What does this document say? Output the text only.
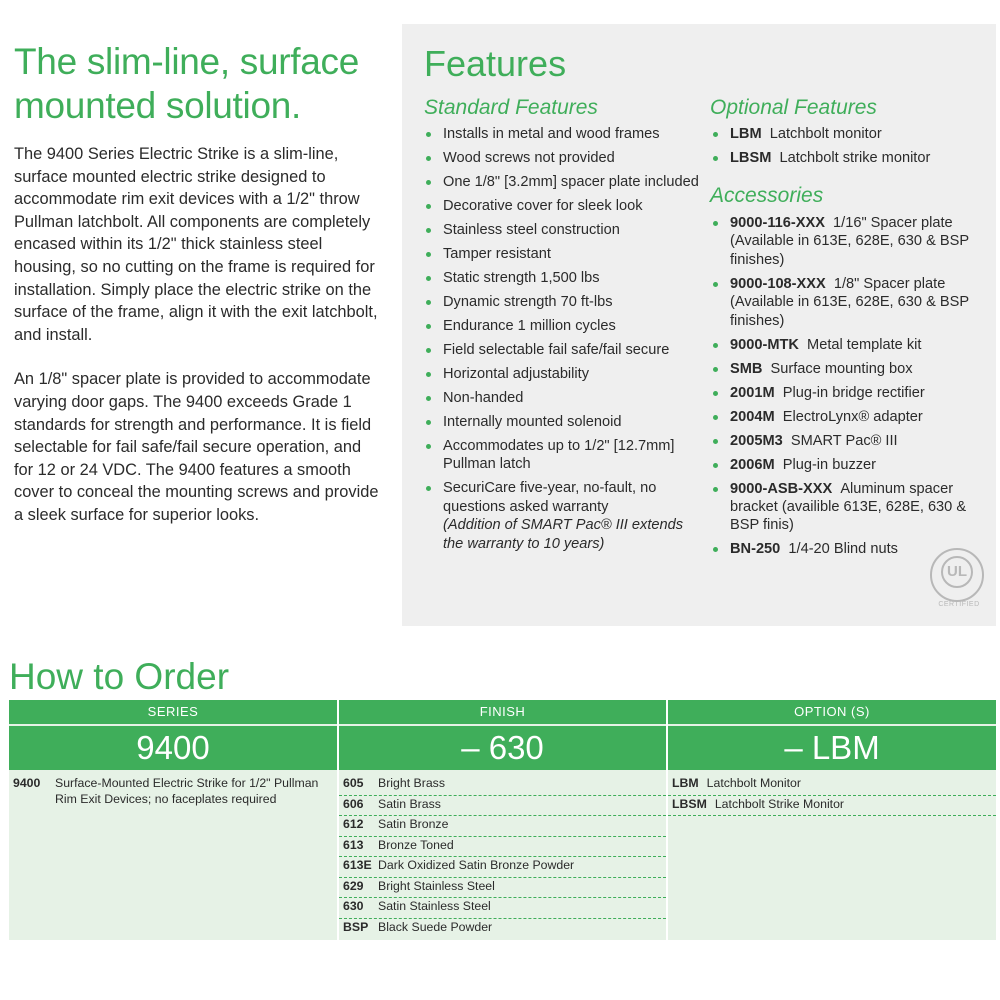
The slim-line, surface
mounted solution.

The 9400 Series Electric Strike is a slim-line, surface mounted electric strike designed to accommodate rim exit devices with a 1/2" throw Pullman latchbolt. All components are completely encased within its 1/2" thick stainless steel housing, so no cutting on the frame is required for installation. Simply place the electric strike on the surface of the frame, align it with the exit latchbolt, and install.

An 1/8" spacer plate is provided to accommodate varying door gaps. The 9400 exceeds Grade 1 standards for strength and performance. It is field selectable for fail safe/fail secure operation, and for 12 or 24 VDC. The 9400 features a smooth cover to conceal the mounting screws and provide a sleek surface for superior looks.

Features
Standard Features
Installs in metal and wood frames
Wood screws not provided
One 1/8" [3.2mm] spacer plate included
Decorative cover for sleek look
Stainless steel construction
Tamper resistant
Static strength 1,500 lbs
Dynamic strength 70 ft-lbs
Endurance 1 million cycles
Field selectable fail safe/fail secure
Horizontal adjustability
Non-handed
Internally mounted solenoid
Accommodates up to 1/2" [12.7mm] Pullman latch
SecuriCare five-year, no-fault, no questions asked warranty
(Addition of SMART Pac® III extends the warranty to 10 years)
Optional Features
LBM Latchbolt monitor
LBSM Latchbolt strike monitor
Accessories
9000-116-XXX 1/16" Spacer plate (Available in 613E, 628E, 630 & BSP finishes)
9000-108-XXX 1/8" Spacer plate (Available in 613E, 628E, 630 & BSP finishes)
9000-MTK Metal template kit
SMB Surface mounting box
2001M Plug-in bridge rectifier
2004M ElectroLynx® adapter
2005M3 SMART Pac® III
2006M Plug-in buzzer
9000-ASB-XXX Aluminum spacer bracket (availible 613E, 628E, 630 & BSP finis)
BN-250 1/4-20 Blind nuts
UL
CERTIFIED
How to Order
SERIES
9400
9400	Surface-Mounted Electric Strike for 1/2" Pullman Rim Exit Devices; no faceplates required
FINISH
– 630
605	Bright Brass
606	Satin Brass
612	Satin Bronze
613	Bronze Toned
613E Dark Oxidized Satin Bronze Powder
629	Bright Stainless Steel
630	Satin Stainless Steel
BSP Black Suede Powder
OPTION (S)
– LBM
LBM Latchbolt Monitor
LBSM Latchbolt Strike Monitor
